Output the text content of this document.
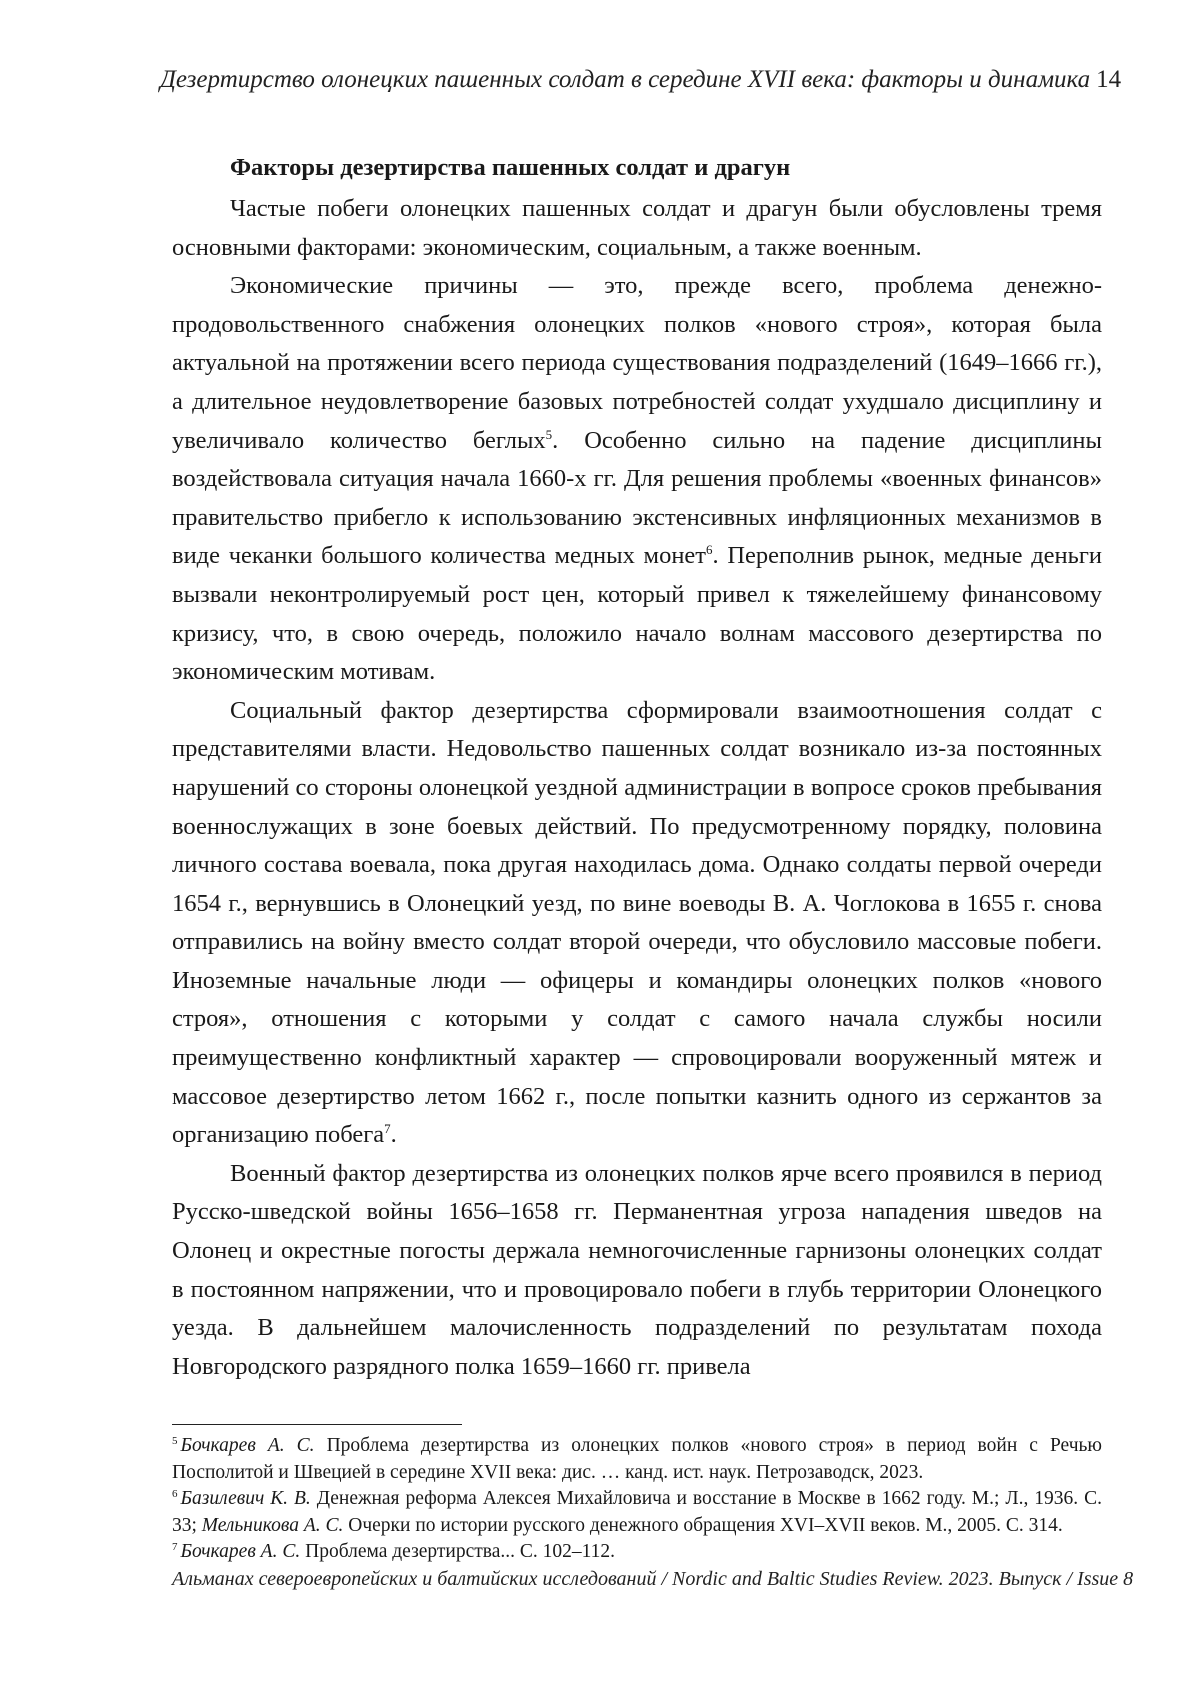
Дезертирство олонецких пашенных солдат в середине XVII века: факторы и динамика 14
Факторы дезертирства пашенных солдат и драгун

Частые побеги олонецких пашенных солдат и драгун были обусловлены тремя основными факторами: экономическим, социальным, а также военным.

Экономические причины — это, прежде всего, проблема денежно-продовольственного снабжения олонецких полков «нового строя», которая была актуальной на протяжении всего периода существования подразделений (1649–1666 гг.), а длительное неудовлетворение базовых потребностей солдат ухудшало дисциплину и увеличивало количество беглых5. Особенно сильно на падение дисциплины воздействовала ситуация начала 1660-х гг. Для решения проблемы «военных финансов» правительство прибегло к использованию экстенсивных инфляционных механизмов в виде чеканки большого количества медных монет6. Переполнив рынок, медные деньги вызвали неконтролируемый рост цен, который привел к тяжелейшему финансовому кризису, что, в свою очередь, положило начало волнам массового дезертирства по экономическим мотивам.

Социальный фактор дезертирства сформировали взаимоотношения солдат с представителями власти. Недовольство пашенных солдат возникало из-за постоянных нарушений со стороны олонецкой уездной администрации в вопросе сроков пребывания военнослужащих в зоне боевых действий. По предусмотренному порядку, половина личного состава воевала, пока другая находилась дома. Однако солдаты первой очереди 1654 г., вернувшись в Олонецкий уезд, по вине воеводы В. А. Чоглокова в 1655 г. снова отправились на войну вместо солдат второй очереди, что обусловило массовые побеги. Иноземные начальные люди — офицеры и командиры олонецких полков «нового строя», отношения с которыми у солдат с самого начала службы носили преимущественно конфликтный характер — спровоцировали вооруженный мятеж и массовое дезертирство летом 1662 г., после попытки казнить одного из сержантов за организацию побега7.

Военный фактор дезертирства из олонецких полков ярче всего проявился в период Русско-шведской войны 1656–1658 гг. Перманентная угроза нападения шведов на Олонец и окрестные погосты держала немногочисленные гарнизоны олонецких солдат в постоянном напряжении, что и провоцировало побеги в глубь территории Олонецкого уезда. В дальнейшем малочисленность подразделений по результатам похода Новгородского разрядного полка 1659–1660 гг. привела

5 Бочкарев А. С. Проблема дезертирства из олонецких полков «нового строя» в период войн с Речью Посполитой и Швецией в середине XVII века: дис. … канд. ист. наук. Петрозаводск, 2023.

6 Базилевич К. В. Денежная реформа Алексея Михайловича и восстание в Москве в 1662 году. М.; Л., 1936. С. 33; Мельникова А. С. Очерки по истории русского денежного обращения XVI–XVII веков. М., 2005. С. 314.

7 Бочкарев А. С. Проблема дезертирства... С. 102–112.

Альманах североевропейских и балтийских исследований / Nordic and Baltic Studies Review. 2023. Выпуск / Issue 8
